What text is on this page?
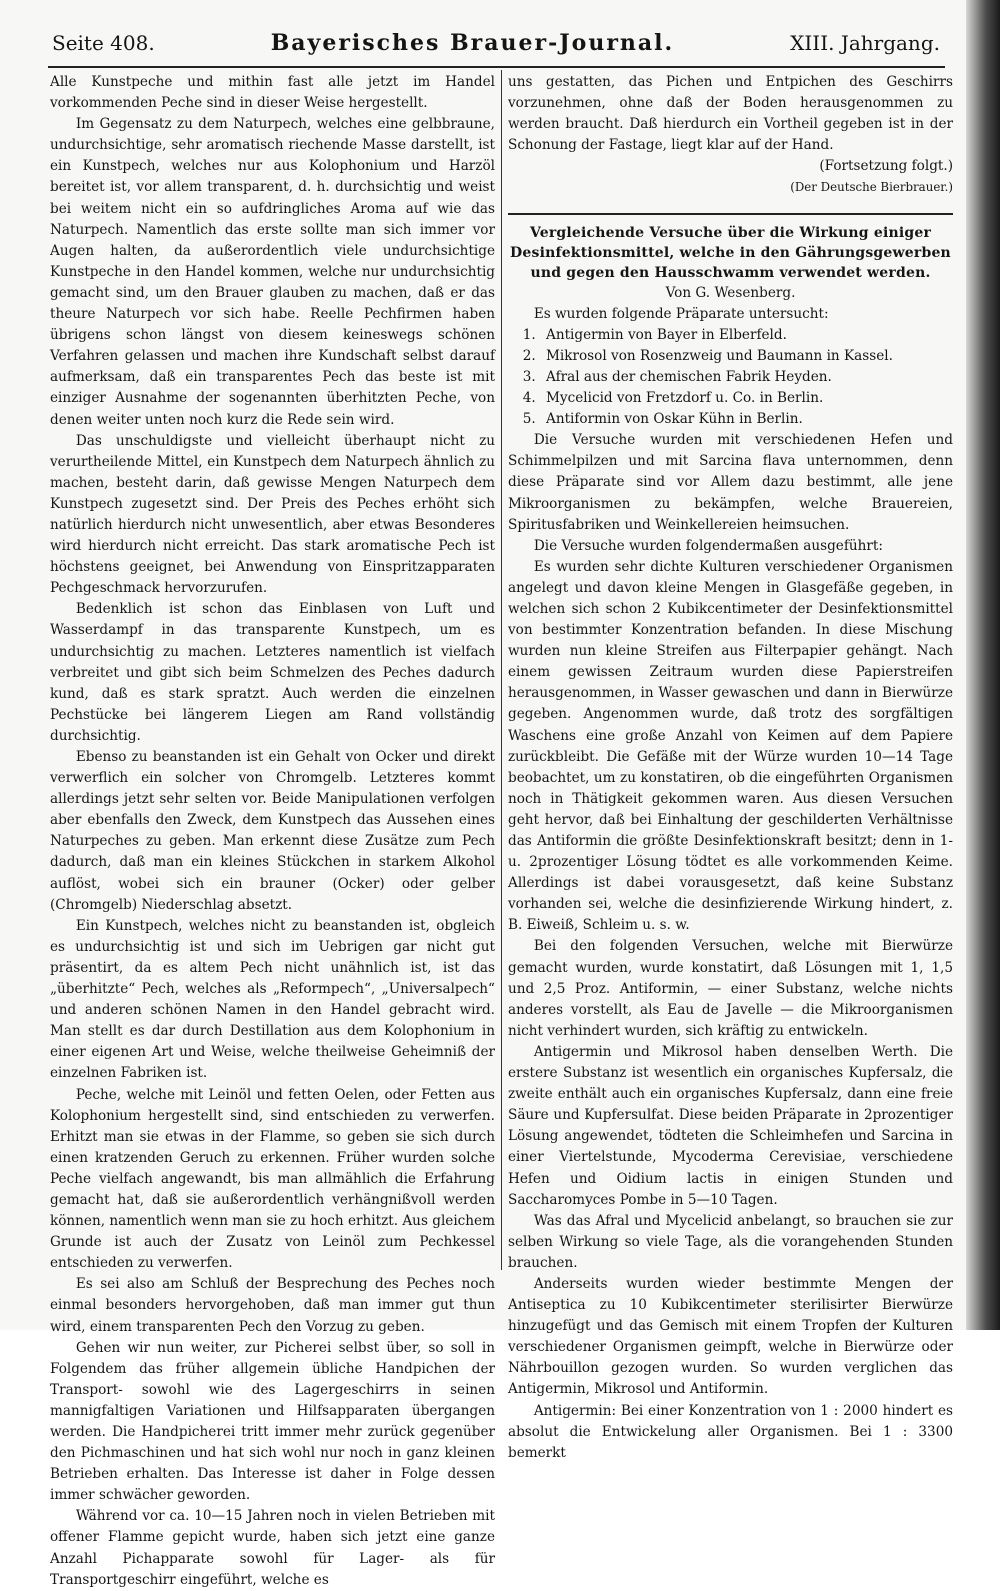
Seite 408.	Bayerisches Brauer-Journal.	XIII. Jahrgang.

Alle Kunstpeche und mithin fast alle jetzt im Handel vorkommenden Peche sind in dieser Weise hergestellt.

Im Gegensatz zu dem Naturpech, welches eine gelbbraune, undurchsichtige, sehr aromatisch riechende Masse darstellt, ist ein Kunstpech, welches nur aus Kolophonium und Harzöl bereitet ist, vor allem transparent, d. h. durchsichtig und weist bei weitem nicht ein so aufdringliches Aroma auf wie das Naturpech. Namentlich das erste sollte man sich immer vor Augen halten, da außerordentlich viele undurchsichtige Kunstpeche in den Handel kommen, welche nur undurchsichtig gemacht sind, um den Brauer glauben zu machen, daß er das theure Naturpech vor sich habe. Reelle Pechfirmen haben übrigens schon längst von diesem keineswegs schönen Verfahren gelassen und machen ihre Kundschaft selbst darauf aufmerksam, daß ein transparentes Pech das beste ist mit einziger Ausnahme der sogenannten überhitzten Peche, von denen weiter unten noch kurz die Rede sein wird.

Das unschuldigste und vielleicht überhaupt nicht zu verurtheilende Mittel, ein Kunstpech dem Naturpech ähnlich zu machen, besteht darin, daß gewisse Mengen Naturpech dem Kunstpech zugesetzt sind. Der Preis des Peches erhöht sich natürlich hierdurch nicht unwesentlich, aber etwas Besonderes wird hierdurch nicht erreicht. Das stark aromatische Pech ist höchstens geeignet, bei Anwendung von Einspritzapparaten Pechgeschmack hervorzurufen.

Bedenklich ist schon das Einblasen von Luft und Wasserdampf in das transparente Kunstpech, um es undurchsichtig zu machen. Letzteres namentlich ist vielfach verbreitet und gibt sich beim Schmelzen des Peches dadurch kund, daß es stark spratzt. Auch werden die einzelnen Pechstücke bei längerem Liegen am Rand vollständig durchsichtig.

Ebenso zu beanstanden ist ein Gehalt von Ocker und direkt verwerflich ein solcher von Chromgelb. Letzteres kommt allerdings jetzt sehr selten vor. Beide Manipulationen verfolgen aber ebenfalls den Zweck, dem Kunstpech das Aussehen eines Naturpeches zu geben. Man erkennt diese Zusätze zum Pech dadurch, daß man ein kleines Stückchen in starkem Alkohol auflöst, wobei sich ein brauner (Ocker) oder gelber (Chromgelb) Niederschlag absetzt.

Ein Kunstpech, welches nicht zu beanstanden ist, obgleich es undurchsichtig ist und sich im Uebrigen gar nicht gut präsentirt, da es altem Pech nicht unähnlich ist, ist das „überhitzte“ Pech, welches als „Reformpech“, „Universalpech“ und anderen schönen Namen in den Handel gebracht wird. Man stellt es dar durch Destillation aus dem Kolophonium in einer eigenen Art und Weise, welche theilweise Geheimniß der einzelnen Fabriken ist.

Peche, welche mit Leinöl und fetten Oelen, oder Fetten aus Kolophonium hergestellt sind, sind entschieden zu verwerfen. Erhitzt man sie etwas in der Flamme, so geben sie sich durch einen kratzenden Geruch zu erkennen. Früher wurden solche Peche vielfach angewandt, bis man allmählich die Erfahrung gemacht hat, daß sie außerordentlich verhängnißvoll werden können, namentlich wenn man sie zu hoch erhitzt. Aus gleichem Grunde ist auch der Zusatz von Leinöl zum Pechkessel entschieden zu verwerfen.

Es sei also am Schluß der Besprechung des Peches noch einmal besonders hervorgehoben, daß man immer gut thun wird, einem transparenten Pech den Vorzug zu geben.

Gehen wir nun weiter, zur Picherei selbst über, so soll in Folgendem das früher allgemein übliche Handpichen der Transport- sowohl wie des Lagergeschirrs in seinen mannigfaltigen Variationen und Hilfsapparaten übergangen werden. Die Handpicherei tritt immer mehr zurück gegenüber den Pichmaschinen und hat sich wohl nur noch in ganz kleinen Betrieben erhalten. Das Interesse ist daher in Folge dessen immer schwächer geworden.

Während vor ca. 10—15 Jahren noch in vielen Betrieben mit offener Flamme gepicht wurde, haben sich jetzt eine ganze Anzahl Pichapparate sowohl für Lager- als für Transportgeschirr eingeführt, welche es

uns gestatten, das Pichen und Entpichen des Geschirrs vorzunehmen, ohne daß der Boden herausgenommen zu werden braucht. Daß hierdurch ein Vortheil gegeben ist in der Schonung der Fastage, liegt klar auf der Hand.

(Fortsetzung folgt.)

(Der Deutsche Bierbrauer.)

Vergleichende Versuche über die Wirkung einiger Desinfektionsmittel, welche in den Gährungsgewerben und gegen den Hausschwamm verwendet werden.

Von G. Wesenberg.

Es wurden folgende Präparate untersucht:

1. Antigermin von Bayer in Elberfeld.
2. Mikrosol von Rosenzweig und Baumann in Kassel.
3. Afral aus der chemischen Fabrik Heyden.
4. Mycelicid von Fretzdorf u. Co. in Berlin.
5. Antiformin von Oskar Kühn in Berlin.

Die Versuche wurden mit verschiedenen Hefen und Schimmelpilzen und mit Sarcina flava unternommen, denn diese Präparate sind vor Allem dazu bestimmt, alle jene Mikroorganismen zu bekämpfen, welche Brauereien, Spiritusfabriken und Weinkellereien heimsuchen.

Die Versuche wurden folgendermaßen ausgeführt:

Es wurden sehr dichte Kulturen verschiedener Organismen angelegt und davon kleine Mengen in Glasgefäße gegeben, in welchen sich schon 2 Kubikcentimeter der Desinfektionsmittel von bestimmter Konzentration befanden. In diese Mischung wurden nun kleine Streifen aus Filterpapier gehängt. Nach einem gewissen Zeitraum wurden diese Papierstreifen herausgenommen, in Wasser gewaschen und dann in Bierwürze gegeben. Angenommen wurde, daß trotz des sorgfältigen Waschens eine große Anzahl von Keimen auf dem Papiere zurückbleibt. Die Gefäße mit der Würze wurden 10—14 Tage beobachtet, um zu konstatiren, ob die eingeführten Organismen noch in Thätigkeit gekommen waren. Aus diesen Versuchen geht hervor, daß bei Einhaltung der geschilderten Verhältnisse das Antiformin die größte Desinfektionskraft besitzt; denn in 1- u. 2prozentiger Lösung tödtet es alle vorkommenden Keime. Allerdings ist dabei vorausgesetzt, daß keine Substanz vorhanden sei, welche die desinfizierende Wirkung hindert, z. B. Eiweiß, Schleim u. s. w.

Bei den folgenden Versuchen, welche mit Bierwürze gemacht wurden, wurde konstatirt, daß Lösungen mit 1, 1,5 und 2,5 Proz. Antiformin, — einer Substanz, welche nichts anderes vorstellt, als Eau de Javelle — die Mikroorganismen nicht verhindert wurden, sich kräftig zu entwickeln.

Antigermin und Mikrosol haben denselben Werth. Die erstere Substanz ist wesentlich ein organisches Kupfersalz, die zweite enthält auch ein organisches Kupfersalz, dann eine freie Säure und Kupfersulfat. Diese beiden Präparate in 2prozentiger Lösung angewendet, tödteten die Schleimhefen und Sarcina in einer Viertelstunde, Mycoderma Cerevisiae, verschiedene Hefen und Oidium lactis in einigen Stunden und Saccharomyces Pombe in 5—10 Tagen.

Was das Afral und Mycelicid anbelangt, so brauchen sie zur selben Wirkung so viele Tage, als die vorangehenden Stunden brauchen.

Anderseits wurden wieder bestimmte Mengen der Antiseptica zu 10 Kubikcentimeter sterilisirter Bierwürze hinzugefügt und das Gemisch mit einem Tropfen der Kulturen verschiedener Organismen geimpft, welche in Bierwürze oder Nährbouillon gezogen wurden. So wurden verglichen das Antigermin, Mikrosol und Antiformin.

Antigermin: Bei einer Konzentration von 1 : 2000 hindert es absolut die Entwickelung aller Organismen. Bei 1 : 3300 bemerkt
